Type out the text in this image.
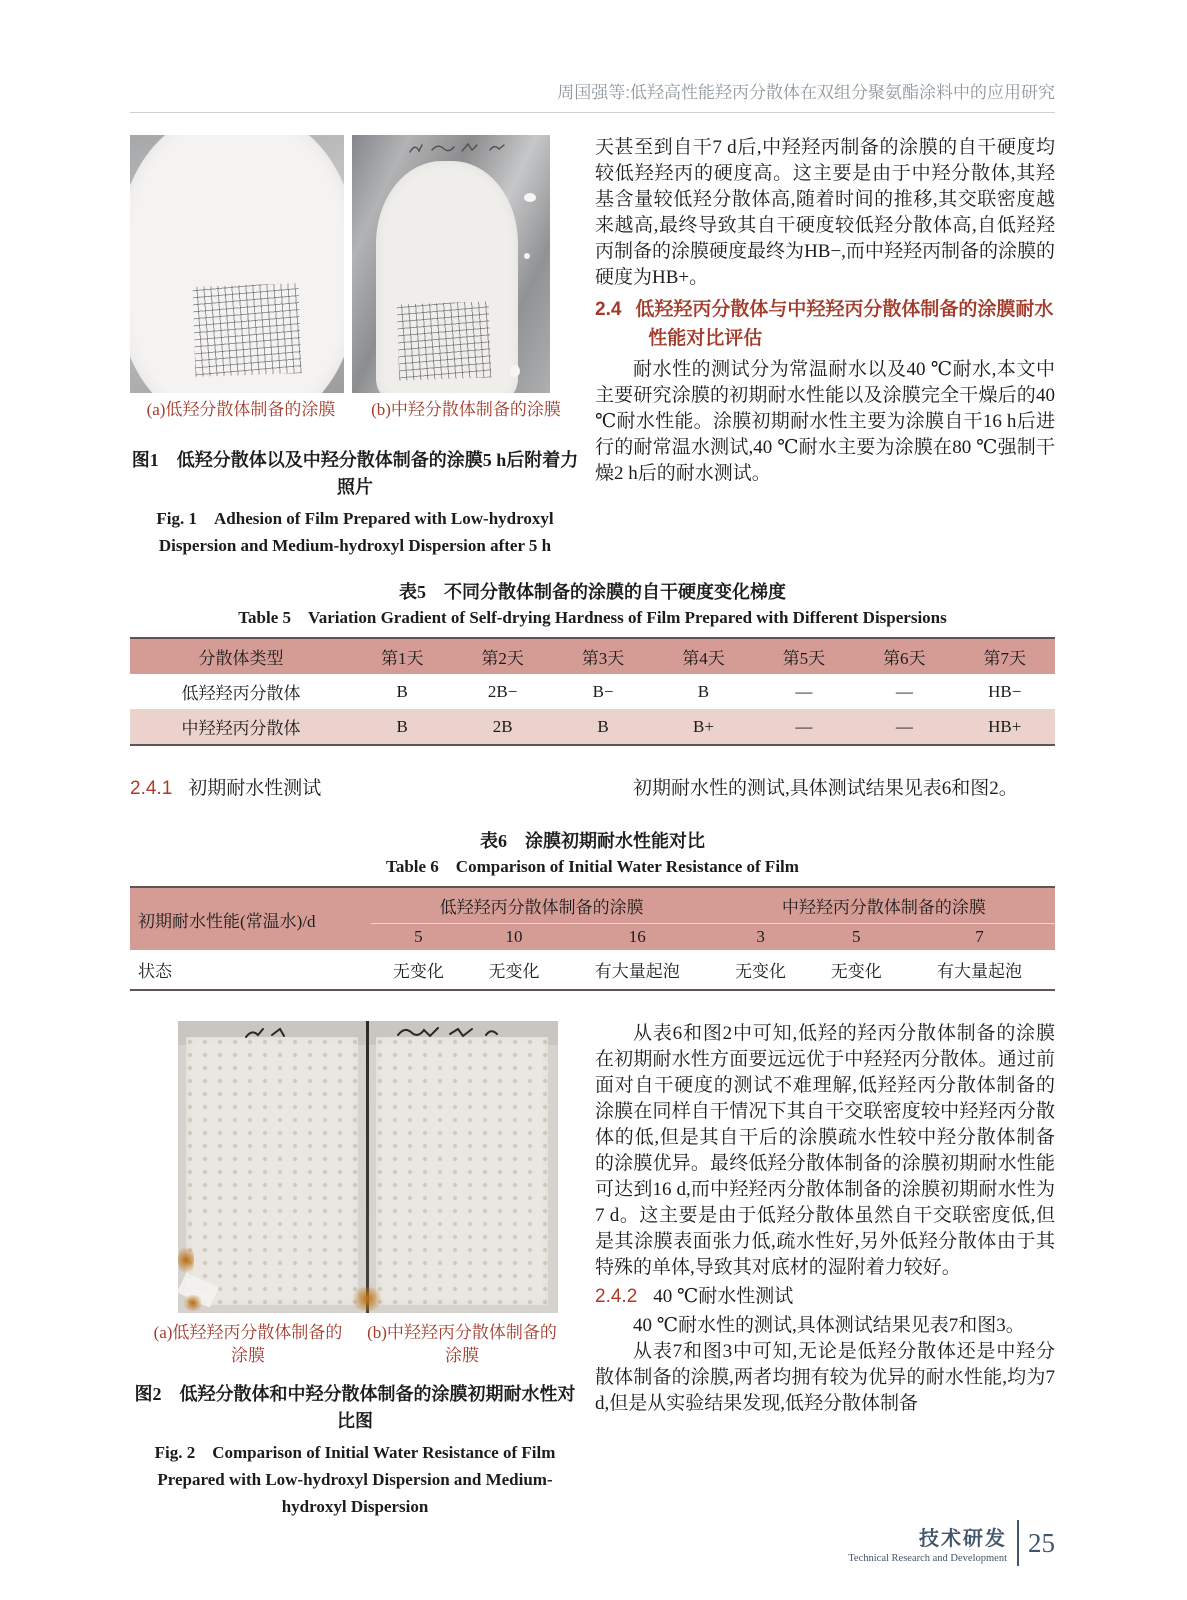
周国强等:低羟高性能羟丙分散体在双组分聚氨酯涂料中的应用研究
(a)低羟分散体制备的涂膜	(b)中羟分散体制备的涂膜
图1　低羟分散体以及中羟分散体制备的涂膜5 h后附着力照片
Fig. 1　Adhesion of Film Prepared with Low-hydroxyl Dispersion and Medium-hydroxyl Dispersion after 5 h

天甚至到自干7 d后,中羟羟丙制备的涂膜的自干硬度均较低羟羟丙的硬度高。这主要是由于中羟分散体,其羟基含量较低羟分散体高,随着时间的推移,其交联密度越来越高,最终导致其自干硬度较低羟分散体高,自低羟羟丙制备的涂膜硬度最终为HB−,而中羟羟丙制备的涂膜的硬度为HB+。

2.4 低羟羟丙分散体与中羟羟丙分散体制备的涂膜耐水性能对比评估

耐水性的测试分为常温耐水以及40 ℃耐水,本文中主要研究涂膜的初期耐水性能以及涂膜完全干燥后的40 ℃耐水性能。涂膜初期耐水性主要为涂膜自干16 h后进行的耐常温水测试,40 ℃耐水主要为涂膜在80 ℃强制干燥2 h后的耐水测试。

表5　不同分散体制备的涂膜的自干硬度变化梯度
Table 5　Variation Gradient of Self-drying Hardness of Film Prepared with Different Dispersions
分散体类型	第1天	第2天	第3天	第4天	第5天	第6天	第7天
低羟羟丙分散体	B	2B−	B−	B	—	—	HB−
中羟羟丙分散体	B	2B	B	B+	—	—	HB+
2.4.1 初期耐水性测试	初期耐水性的测试,具体测试结果见表6和图2。

表6　涂膜初期耐水性能对比
Table 6　Comparison of Initial Water Resistance of Film
初期耐水性能(常温水)/d	低羟羟丙分散体制备的涂膜			中羟羟丙分散体制备的涂膜		
	5	10	16	3	5	7
状态	无变化	无变化	有大量起泡	无变化	无变化	有大量起泡
(a)低羟羟丙分散体制备的涂膜
(b)中羟羟丙分散体制备的涂膜
图2　低羟分散体和中羟分散体制备的涂膜初期耐水性对比图
Fig. 2　Comparison of Initial Water Resistance of Film Prepared with Low-hydroxyl Dispersion and Medium-hydroxyl Dispersion

从表6和图2中可知,低羟的羟丙分散体制备的涂膜在初期耐水性方面要远远优于中羟羟丙分散体。通过前面对自干硬度的测试不难理解,低羟羟丙分散体制备的涂膜在同样自干情况下其自干交联密度较中羟羟丙分散体的低,但是其自干后的涂膜疏水性较中羟分散体制备的涂膜优异。最终低羟分散体制备的涂膜初期耐水性能可达到16 d,而中羟羟丙分散体制备的涂膜初期耐水性为7 d。这主要是由于低羟分散体虽然自干交联密度低,但是其涂膜表面张力低,疏水性好,另外低羟分散体由于其特殊的单体,导致其对底材的湿附着力较好。

2.4.2 40 ℃耐水性测试

40 ℃耐水性的测试,具体测试结果见表7和图3。

从表7和图3中可知,无论是低羟分散体还是中羟分散体制备的涂膜,两者均拥有较为优异的耐水性能,均为7 d,但是从实验结果发现,低羟分散体制备

技术研发
Technical Research and Development
25
